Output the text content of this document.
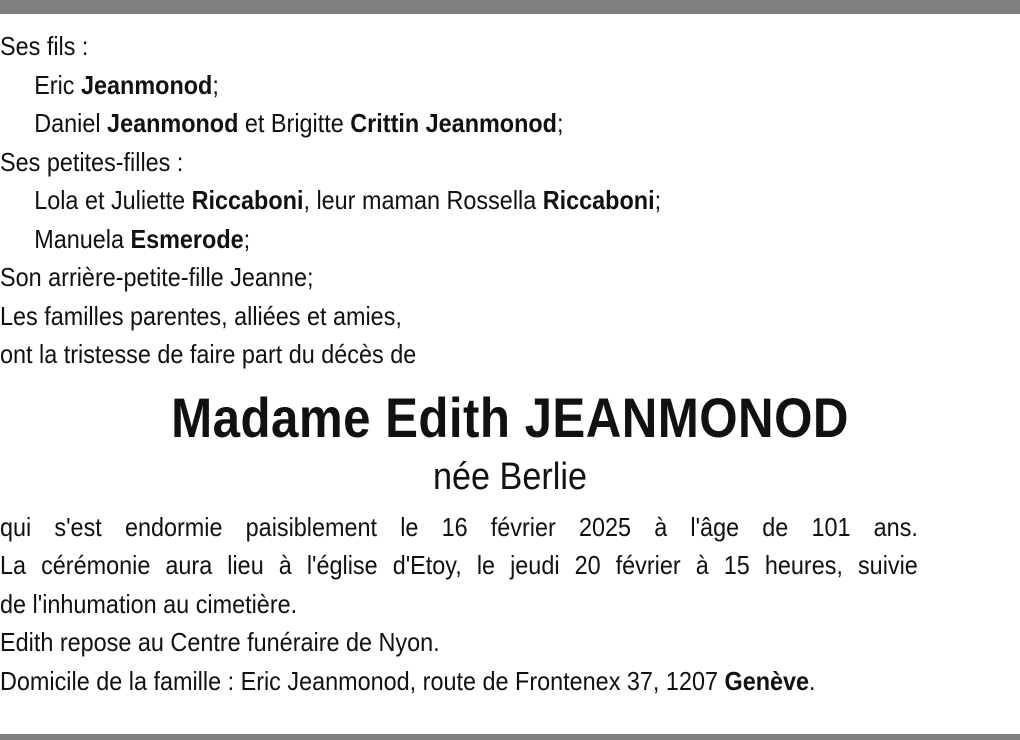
Ses fils :
Eric Jeanmonod;
Daniel Jeanmonod et Brigitte Crittin Jeanmonod;
Ses petites-filles :
Lola et Juliette Riccaboni, leur maman Rossella Riccaboni;
Manuela Esmerode;
Son arrière-petite-fille Jeanne;
Les familles parentes, alliées et amies,
ont la tristesse de faire part du décès de
Madame Edith JEANMONOD
née Berlie
qui s'est endormie paisiblement le 16 février 2025 à l'âge de 101 ans.
La cérémonie aura lieu à l'église d'Etoy, le jeudi 20 février à 15 heures, suivie
de l'inhumation au cimetière.
Edith repose au Centre funéraire de Nyon.
Domicile de la famille : Eric Jeanmonod, route de Frontenex 37, 1207 Genève.
